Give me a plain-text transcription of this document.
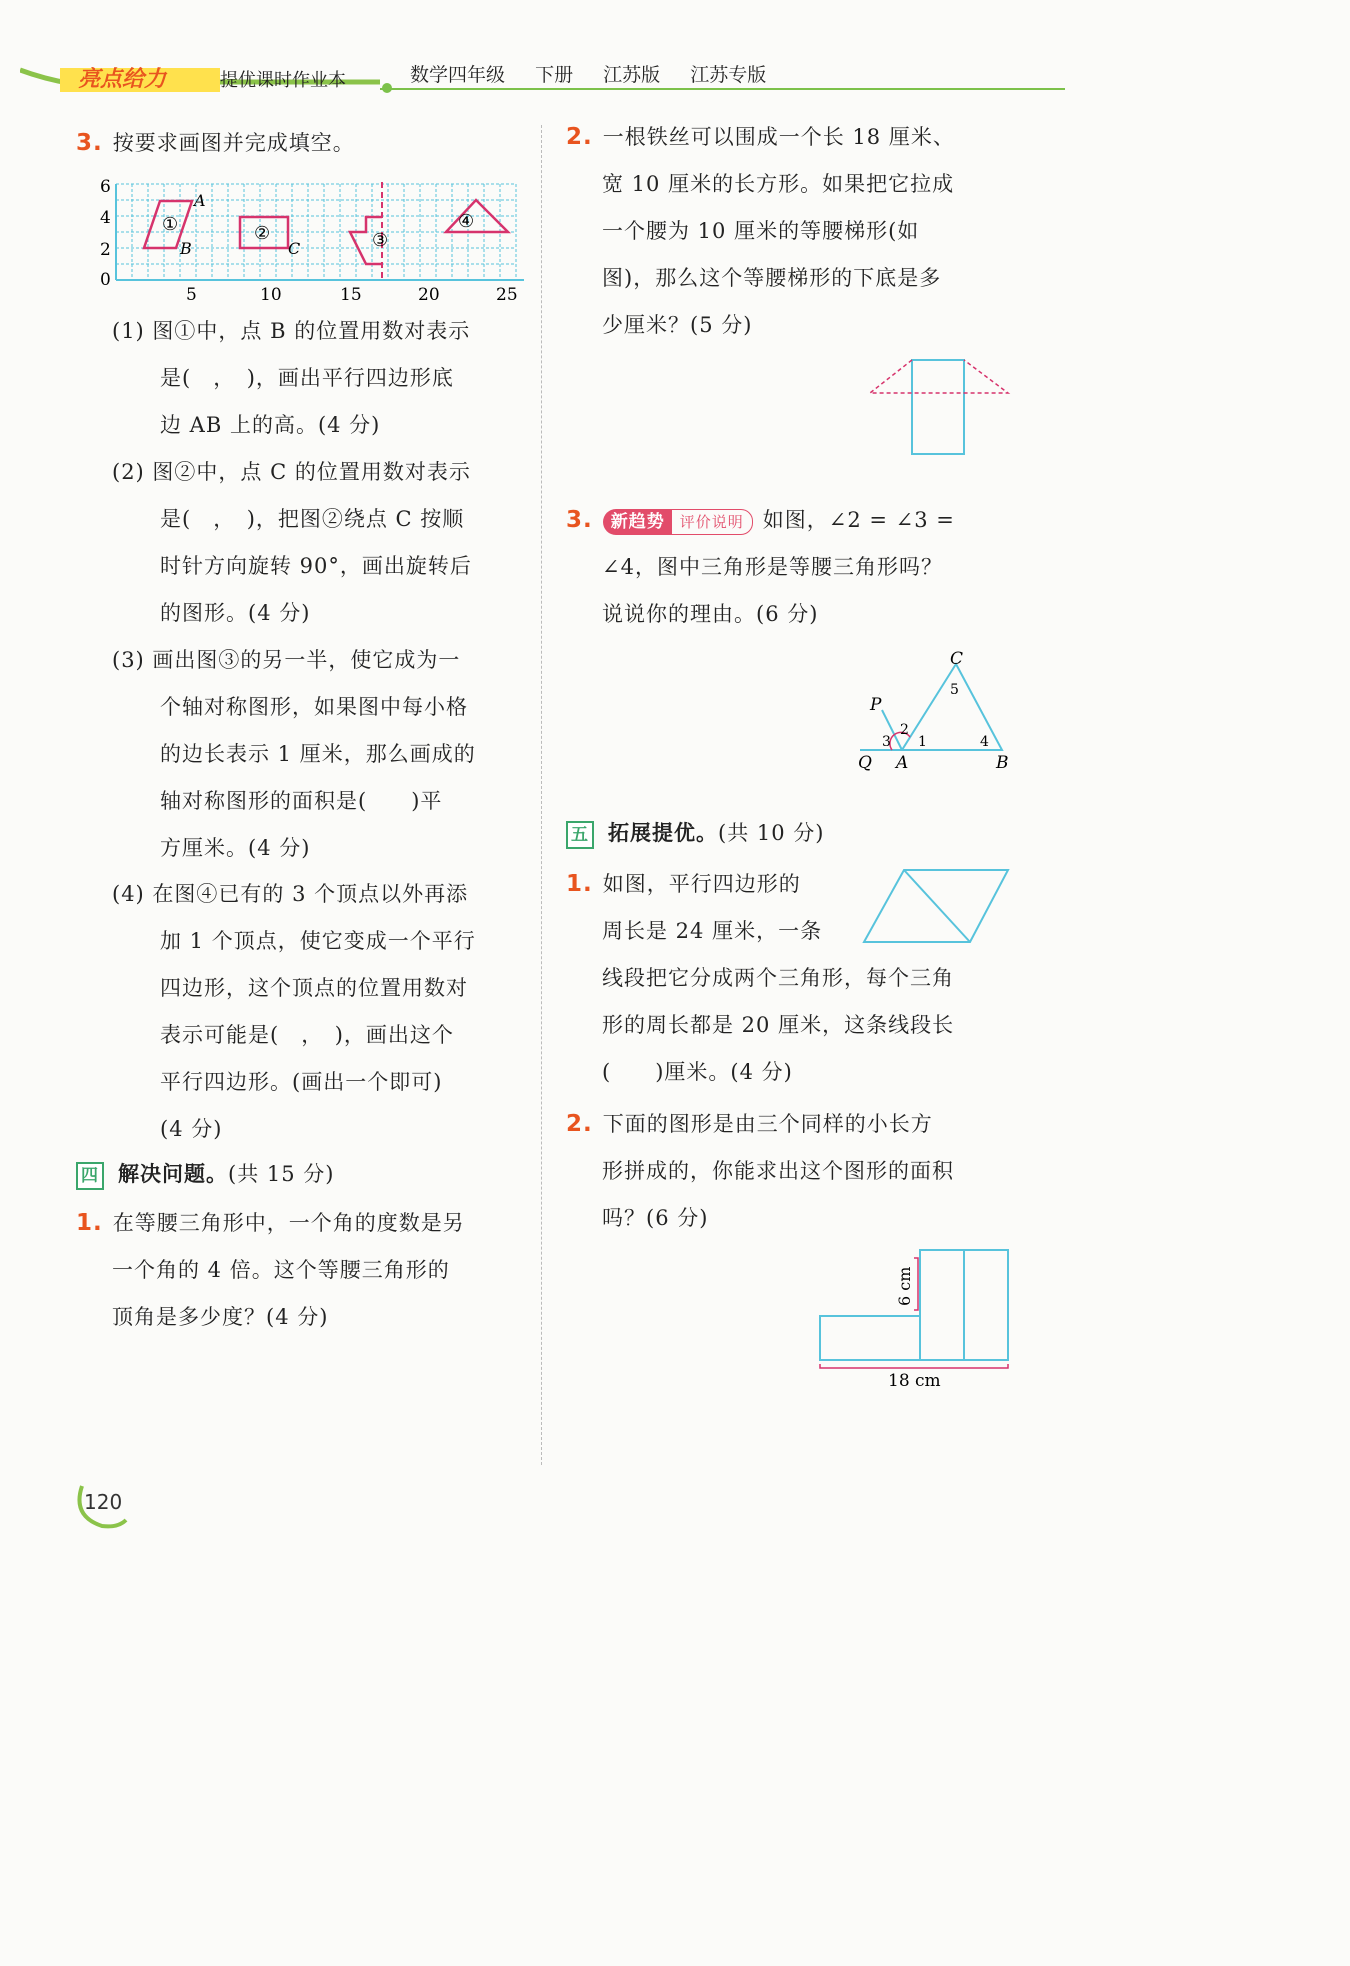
亮点给力	提优课时作业本	数学四年级 下册 江苏版 江苏专版
3. 按要求画图并完成填空。
①
A
B
②
C	③
④
6
4
2
0
5	10	15	20	25
(1) 图①中，点 B 的位置用数对表示
是(　，　)，画出平行四边形底
边 AB 上的高。(4 分)
(2) 图②中，点 C 的位置用数对表示
是(　，　)，把图②绕点 C 按顺
时针方向旋转 90°，画出旋转后
的图形。(4 分)
(3) 画出图③的另一半，使它成为一
个轴对称图形，如果图中每小格
的边长表示 1 厘米，那么画成的
轴对称图形的面积是(　　)平
方厘米。(4 分)
(4) 在图④已有的 3 个顶点以外再添
加 1 个顶点，使它变成一个平行
四边形，这个顶点的位置用数对
表示可能是(　，　)，画出这个
平行四边形。(画出一个即可)
(4 分)
四 解决问题。(共 15 分)
1. 在等腰三角形中，一个角的度数是另
一个角的 4 倍。这个等腰三角形的
顶角是多少度？(4 分)
2. 一根铁丝可以围成一个长 18 厘米、
宽 10 厘米的长方形。如果把它拉成
一个腰为 10 厘米的等腰梯形(如
图)，那么这个等腰梯形的下底是多
少厘米？(5 分)
3. 新趋势 评价说明 如图，∠2 = ∠3 =
∠4，图中三角形是等腰三角形吗？
说说你的理由。(6 分)
C
5
P
2
3 1	4
Q A	B
五 拓展提优。(共 10 分)
1. 如图，平行四边形的
周长是 24 厘米，一条
线段把它分成两个三角形，每个三角
形的周长都是 20 厘米，这条线段长
(　　)厘米。(4 分)
2. 下面的图形是由三个同样的小长方
形拼成的，你能求出这个图形的面积
吗？(6 分)
6 cm
18 cm
120
